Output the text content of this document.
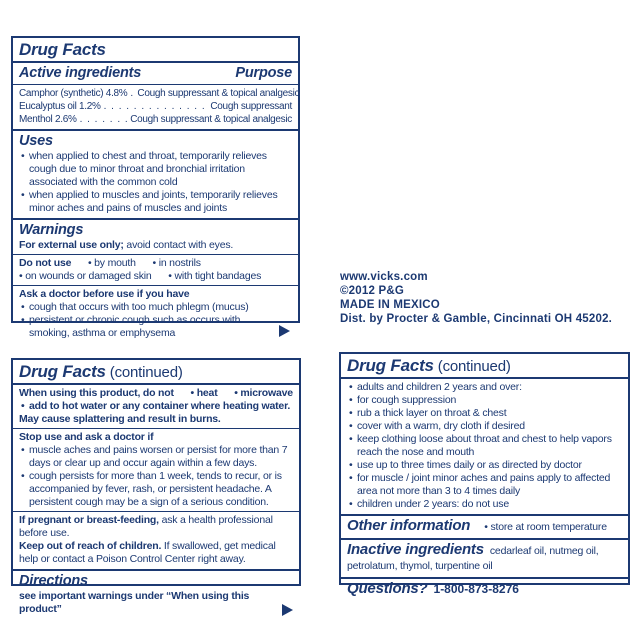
Drug Facts
Active ingredients	Purpose
Camphor (synthetic) 4.8% . . . Cough suppressant & topical analgesic
Eucalyptus oil 1.2% . . .	Cough suppressant
Menthol 2.6% . . .	Cough suppressant & topical analgesic
Uses
• when applied to chest and throat, temporarily relieves cough due to minor throat and bronchial irritation associated with the common cold
• when applied to muscles and joints, temporarily relieves minor aches and pains of muscles and joints
Warnings
For external use only; avoid contact with eyes.
Do not use • by mouth • in nostrils
• on wounds or damaged skin • with tight bandages
Ask a doctor before use if you have
• cough that occurs with too much phlegm (mucus)
• persistent or chronic cough such as occurs with smoking, asthma or emphysema
www.vicks.com
©2012 P&G
MADE IN MEXICO
Dist. by Procter & Gamble, Cincinnati OH 45202.
Drug Facts (continued)
When using this product, do not • heat • microwave
• add to hot water or any container where heating water.
May cause splattering and result in burns.
Stop use and ask a doctor if
• muscle aches and pains worsen or persist for more than 7 days or clear up and occur again within a few days.
• cough persists for more than 1 week, tends to recur, or is accompanied by fever, rash, or persistent headache. A persistent cough may be a sign of a serious condition.
If pregnant or breast-feeding, ask a health professional before use.
Keep out of reach of children. If swallowed, get medical help or contact a Poison Control Center right away.
Directions
see important warnings under “When using this product”
Drug Facts (continued)
• adults and children 2 years and over:
• for cough suppression
• rub a thick layer on throat & chest
• cover with a warm, dry cloth if desired
• keep clothing loose about throat and chest to help vapors reach the nose and mouth
• use up to three times daily or as directed by doctor
• for muscle / joint minor aches and pains apply to affected area not more than 3 to 4 times daily
• children under 2 years: do not use
Other information • store at room temperature
Inactive ingredients cedarleaf oil, nutmeg oil, petrolatum, thymol, turpentine oil
Questions? 1-800-873-8276
